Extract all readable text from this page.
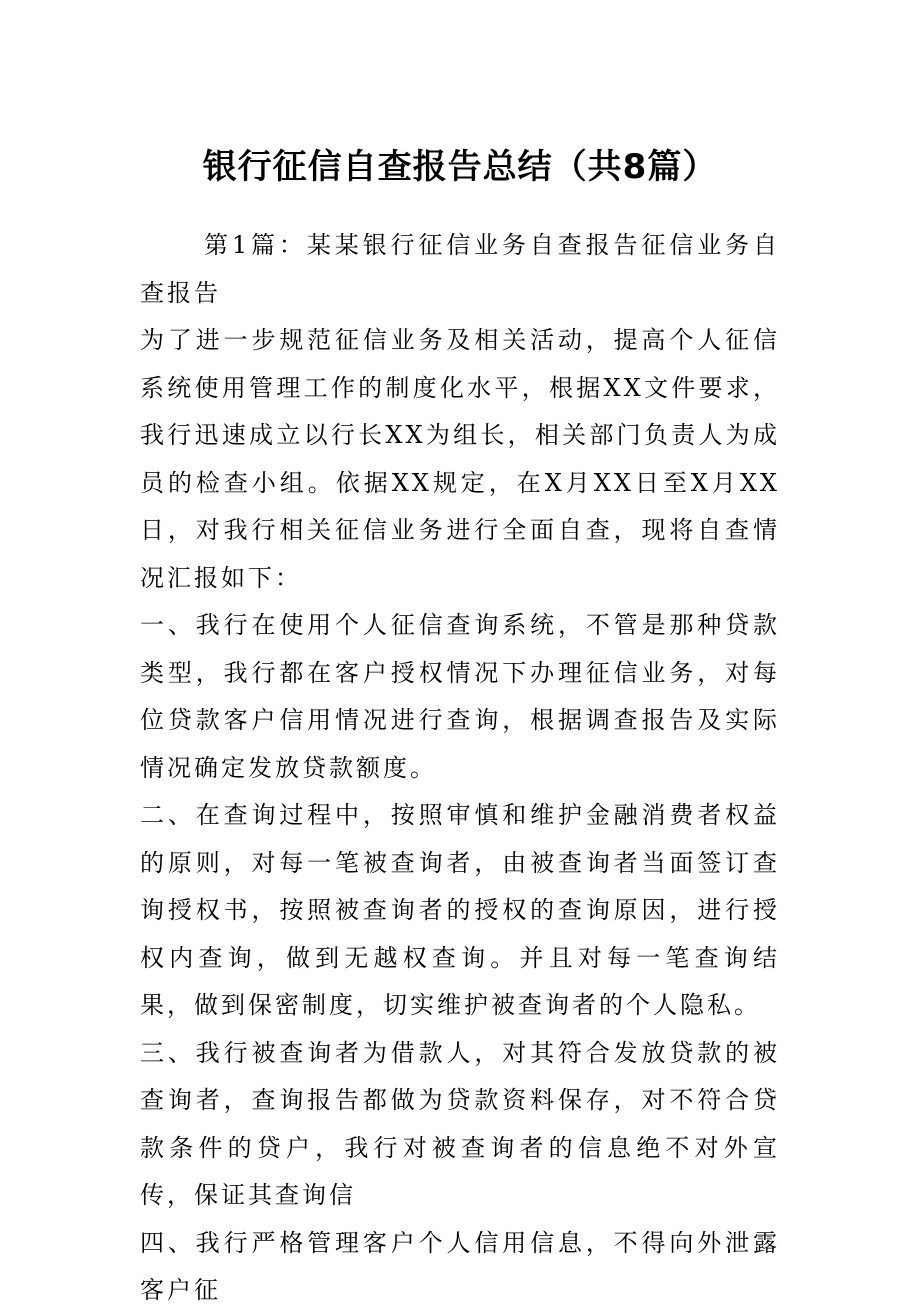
银行征信自查报告总结（共8篇）

第1篇：某某银行征信业务自查报告征信业务自查报告

为了进一步规范征信业务及相关活动，提高个人征信系统使用管理工作的制度化水平，根据XX文件要求，我行迅速成立以行长XX为组长，相关部门负责人为成员的检查小组。依据XX规定，在X月XX日至X月XX日，对我行相关征信业务进行全面自查，现将自查情况汇报如下：

一、我行在使用个人征信查询系统，不管是那种贷款类型，我行都在客户授权情况下办理征信业务，对每位贷款客户信用情况进行查询，根据调查报告及实际情况确定发放贷款额度。

二、在查询过程中，按照审慎和维护金融消费者权益的原则，对每一笔被查询者，由被查询者当面签订查询授权书，按照被查询者的授权的查询原因，进行授权内查询，做到无越权查询。并且对每一笔查询结果，做到保密制度，切实维护被查询者的个人隐私。

三、我行被查询者为借款人，对其符合发放贷款的被查询者，查询报告都做为贷款资料保存，对不符合贷款条件的贷户，我行对被查询者的信息绝不对外宣传，保证其查询信

四、我行严格管理客户个人信用信息，不得向外泄露客户征
